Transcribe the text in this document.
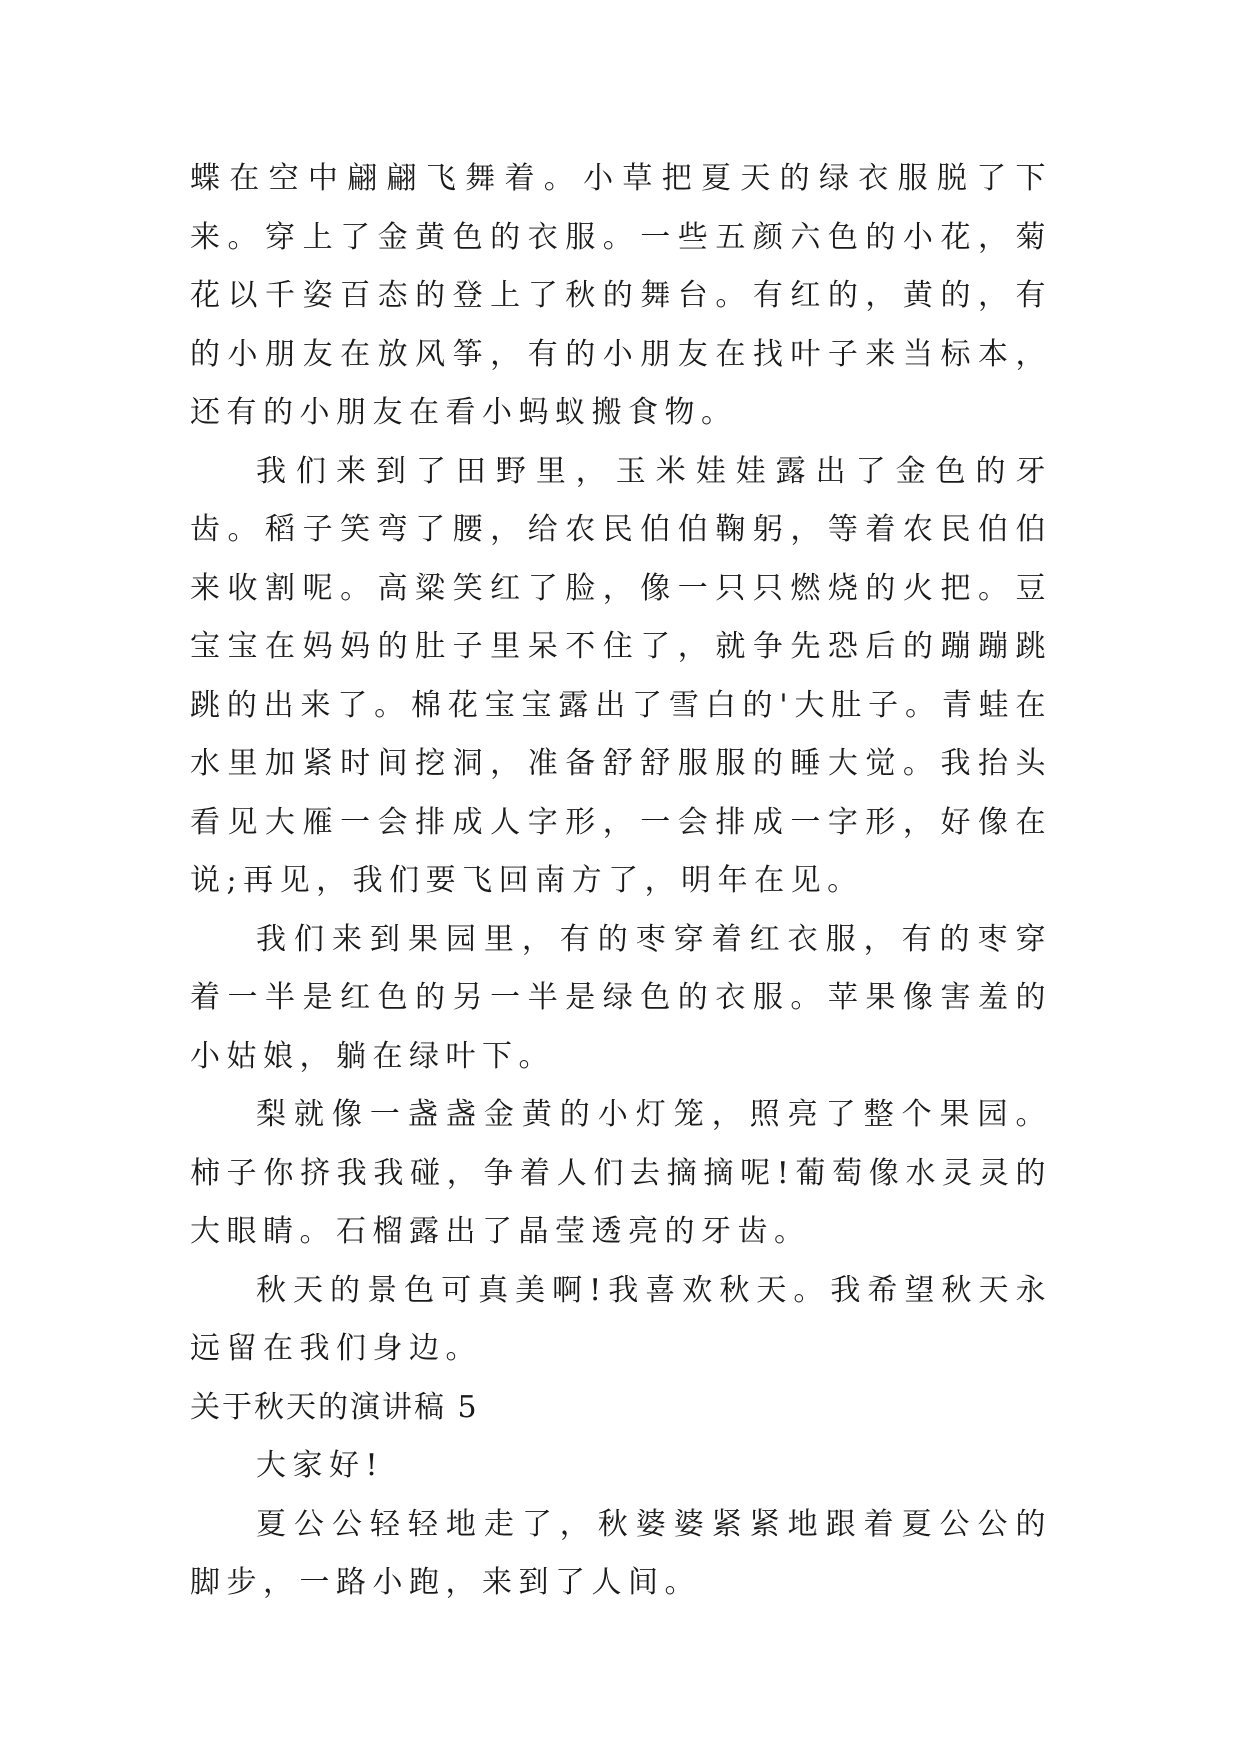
蝶在空中翩翩飞舞着。小草把夏天的绿衣服脱了下来。穿上了金黄色的衣服。一些五颜六色的小花，菊花以千姿百态的登上了秋的舞台。有红的，黄的，有的小朋友在放风筝，有的小朋友在找叶子来当标本，还有的小朋友在看小蚂蚁搬食物。

我们来到了田野里，玉米娃娃露出了金色的牙齿。稻子笑弯了腰，给农民伯伯鞠躬，等着农民伯伯来收割呢。高粱笑红了脸，像一只只燃烧的火把。豆宝宝在妈妈的肚子里呆不住了，就争先恐后的蹦蹦跳跳的出来了。棉花宝宝露出了雪白的'大肚子。青蛙在水里加紧时间挖洞，准备舒舒服服的睡大觉。我抬头看见大雁一会排成人字形，一会排成一字形，好像在说;再见，我们要飞回南方了，明年在见。

我们来到果园里，有的枣穿着红衣服，有的枣穿着一半是红色的另一半是绿色的衣服。苹果像害羞的小姑娘，躺在绿叶下。

梨就像一盏盏金黄的小灯笼，照亮了整个果园。柿子你挤我我碰，争着人们去摘摘呢!葡萄像水灵灵的大眼睛。石榴露出了晶莹透亮的牙齿。

秋天的景色可真美啊!我喜欢秋天。我希望秋天永远留在我们身边。

关于秋天的演讲稿 5

大家好!

夏公公轻轻地走了，秋婆婆紧紧地跟着夏公公的脚步，一路小跑，来到了人间。
